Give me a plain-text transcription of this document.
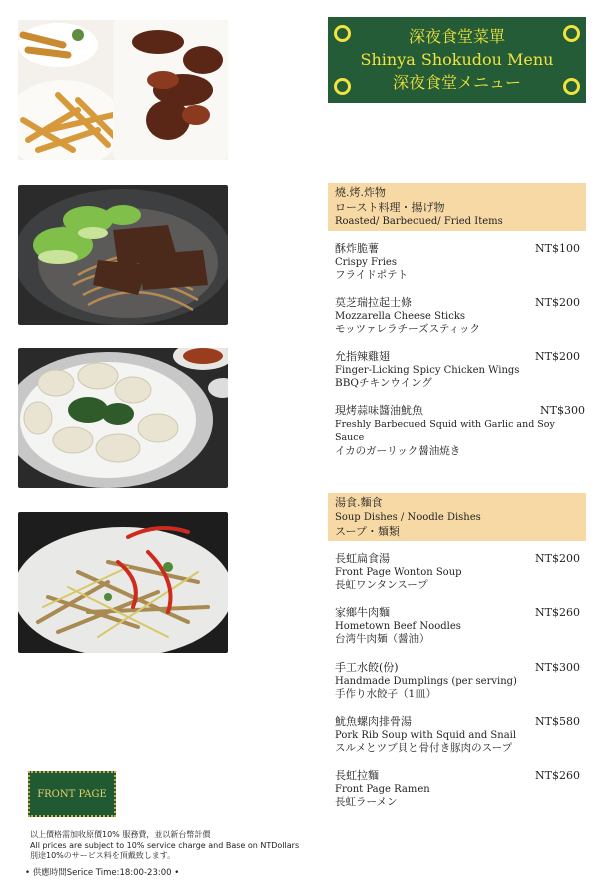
深夜食堂菜單
Shinya Shokudou Menu
深夜食堂メニュー
燒.烤.炸物
ロースト料理・揚げ物
Roasted/ Barbecued/ Fried Items
酥炸脆薯	NT$100
Crispy Fries
フライドポテト
莫芝瑞拉起士條	NT$200
Mozzarella Cheese Sticks
モッツァレラチーズスティック
允指辣雞翅	NT$200
Finger-Licking Spicy Chicken Wings
BBQチキンウイング
現烤蒜味醬油魷魚	NT$300
Freshly Barbecued Squid with Garlic and Soy Sauce
イカのガーリック醤油焼き
湯食.麵食
Soup Dishes / Noodle Dishes
スープ・麺類
長虹扁食湯	NT$200
Front Page Wonton Soup
長虹ワンタンスープ
家鄉牛肉麵	NT$260
Hometown Beef Noodles
台湾牛肉麺（醤油）
手工水餃(份)	NT$300
Handmade Dumplings (per serving)
手作り水餃子（1皿）
魷魚螺肉排骨湯	NT$580
Pork Rib Soup with Squid and Snail
スルメとツブ貝と骨付き豚肉のスープ
長虹拉麵	NT$260
Front Page Ramen
長虹ラーメン
FRONT PAGE
以上價格需加收原價10% 服務費，並以新台幣計價
All prices are subject to 10% service charge and Base on NTDollars
別途10%のサービス料を頂戴致します。
• 供應時間Serice Time:18:00-23:00 •
